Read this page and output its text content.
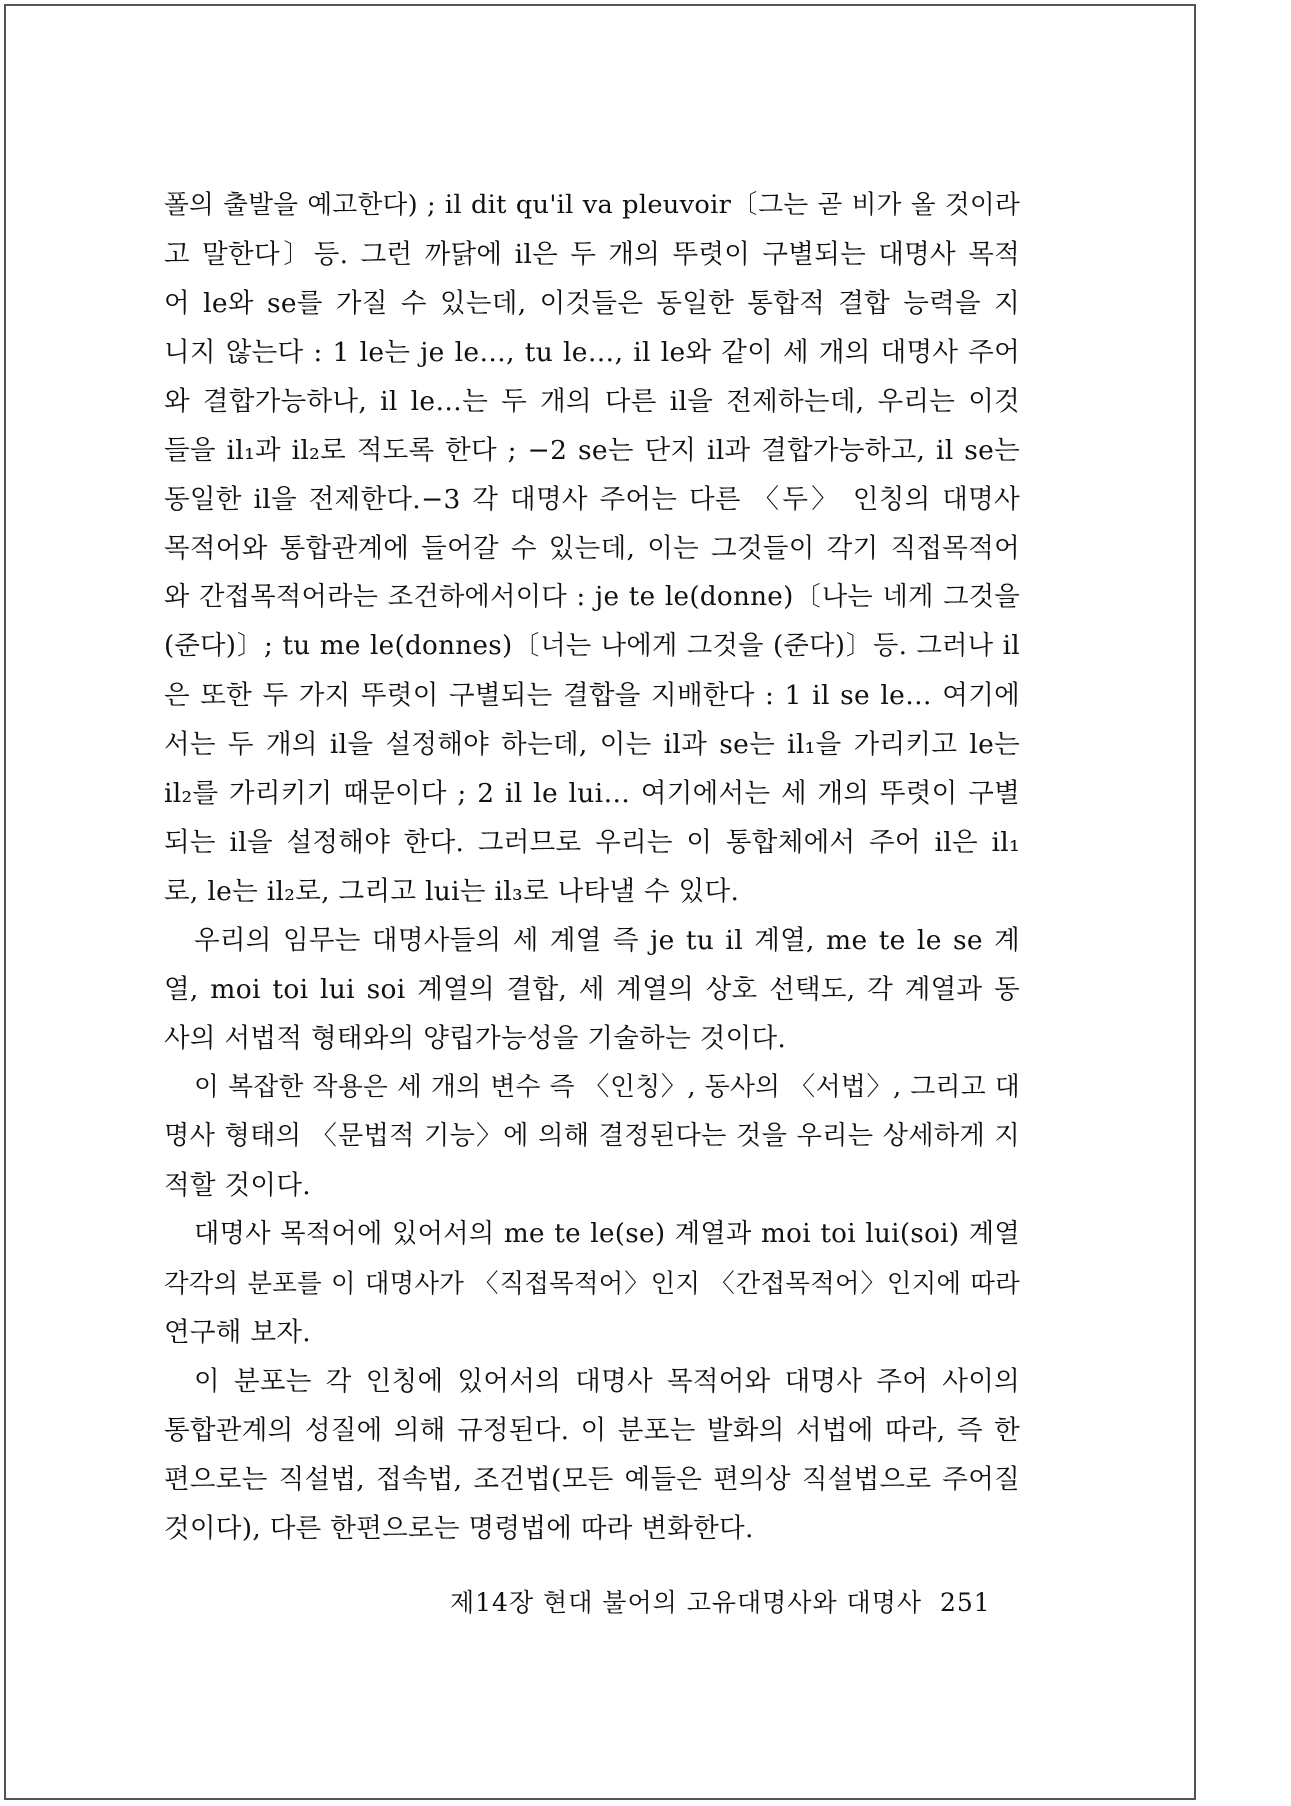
폴의 출발을 예고한다) ; il dit qu'il va pleuvoir〔그는 곧 비가 올 것이라
고 말한다〕등. 그런 까닭에 il은 두 개의 뚜렷이 구별되는 대명사 목적
어 le와 se를 가질 수 있는데, 이것들은 동일한 통합적 결합 능력을 지
니지 않는다 : 1 le는 je le…, tu le…, il le와 같이 세 개의 대명사 주어
와 결합가능하나, il le…는 두 개의 다른 il을 전제하는데, 우리는 이것
들을 il₁과 il₂로 적도록 한다 ; −2 se는 단지 il과 결합가능하고, il se는
동일한 il을 전제한다.−3 각 대명사 주어는 다른 〈두〉 인칭의 대명사
목적어와 통합관계에 들어갈 수 있는데, 이는 그것들이 각기 직접목적어
와 간접목적어라는 조건하에서이다 : je te le(donne)〔나는 네게 그것을
(준다)〕; tu me le(donnes)〔너는 나에게 그것을 (준다)〕등. 그러나 il
은 또한 두 가지 뚜렷이 구별되는 결합을 지배한다 : 1 il se le… 여기에
서는 두 개의 il을 설정해야 하는데, 이는 il과 se는 il₁을 가리키고 le는
il₂를 가리키기 때문이다 ; 2 il le lui… 여기에서는 세 개의 뚜렷이 구별
되는 il을 설정해야 한다. 그러므로 우리는 이 통합체에서 주어 il은 il₁
로, le는 il₂로, 그리고 lui는 il₃로 나타낼 수 있다.
우리의 임무는 대명사들의 세 계열 즉 je tu il 계열, me te le se 계
열, moi toi lui soi 계열의 결합, 세 계열의 상호 선택도, 각 계열과 동
사의 서법적 형태와의 양립가능성을 기술하는 것이다.
이 복잡한 작용은 세 개의 변수 즉 〈인칭〉, 동사의 〈서법〉, 그리고 대
명사 형태의 〈문법적 기능〉에 의해 결정된다는 것을 우리는 상세하게 지
적할 것이다.
대명사 목적어에 있어서의 me te le(se) 계열과 moi toi lui(soi) 계열
각각의 분포를 이 대명사가 〈직접목적어〉인지 〈간접목적어〉인지에 따라
연구해 보자.
이 분포는 각 인칭에 있어서의 대명사 목적어와 대명사 주어 사이의
통합관계의 성질에 의해 규정된다. 이 분포는 발화의 서법에 따라, 즉 한
편으로는 직설법, 접속법, 조건법(모든 예들은 편의상 직설법으로 주어질
것이다), 다른 한편으로는 명령법에 따라 변화한다.
제14장 현대 불어의 고유대명사와 대명사 251
